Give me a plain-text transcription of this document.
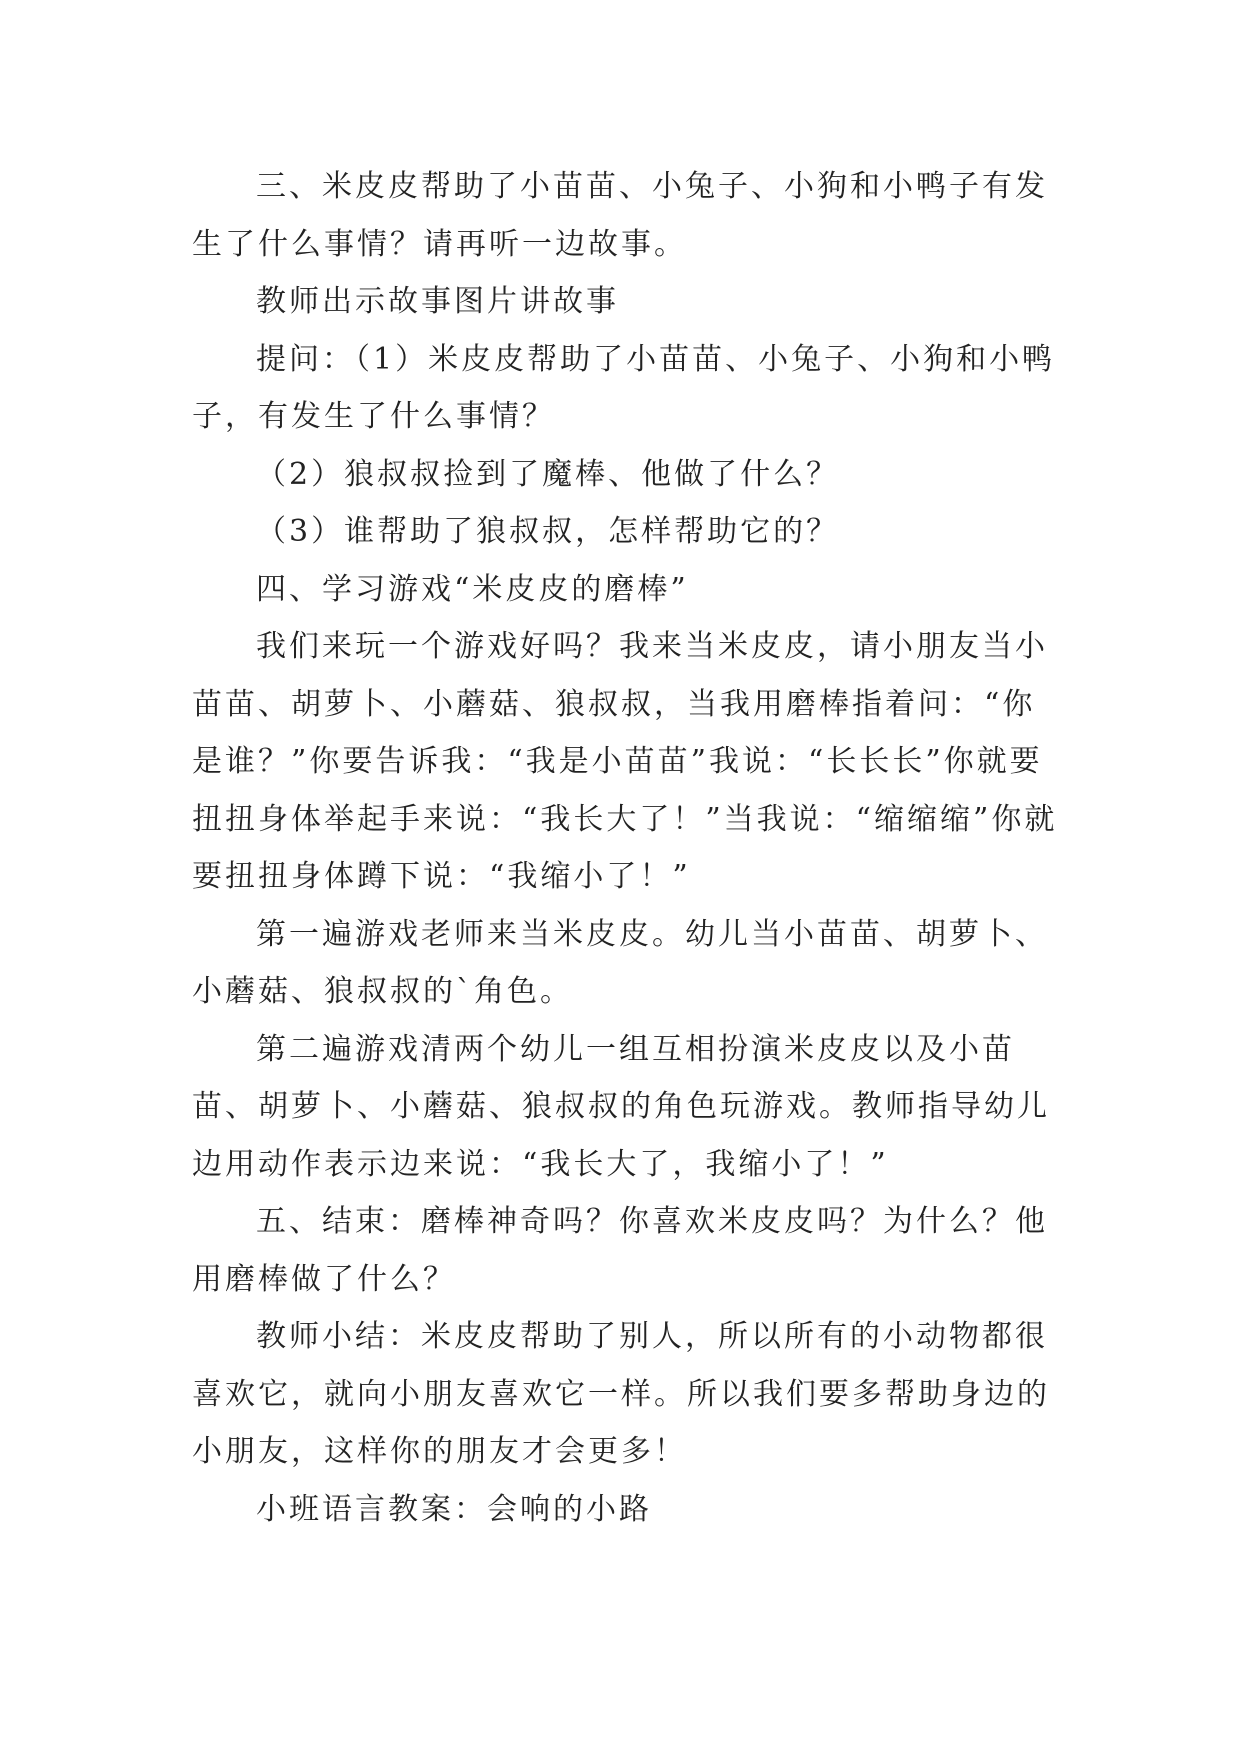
三、米皮皮帮助了小苗苗、小兔子、小狗和小鸭子有发生了什么事情？请再听一边故事。

教师出示故事图片讲故事

提问：（1）米皮皮帮助了小苗苗、小兔子、小狗和小鸭子，有发生了什么事情？

（2）狼叔叔捡到了魔棒、他做了什么？

（3）谁帮助了狼叔叔，怎样帮助它的？

四、学习游戏“米皮皮的磨棒”

我们来玩一个游戏好吗？我来当米皮皮，请小朋友当小苗苗、胡萝卜、小蘑菇、狼叔叔，当我用磨棒指着问：“你是谁？”你要告诉我：“我是小苗苗”我说：“长长长”你就要扭扭身体举起手来说：“我长大了！”当我说：“缩缩缩”你就要扭扭身体蹲下说：“我缩小了！”

第一遍游戏老师来当米皮皮。幼儿当小苗苗、胡萝卜、小蘑菇、狼叔叔的`角色。

第二遍游戏清两个幼儿一组互相扮演米皮皮以及小苗苗、胡萝卜、小蘑菇、狼叔叔的角色玩游戏。教师指导幼儿边用动作表示边来说：“我长大了，我缩小了！”

五、结束：磨棒神奇吗？你喜欢米皮皮吗？为什么？他用磨棒做了什么？

教师小结：米皮皮帮助了别人，所以所有的小动物都很喜欢它，就向小朋友喜欢它一样。所以我们要多帮助身边的小朋友，这样你的朋友才会更多！

小班语言教案：会响的小路
